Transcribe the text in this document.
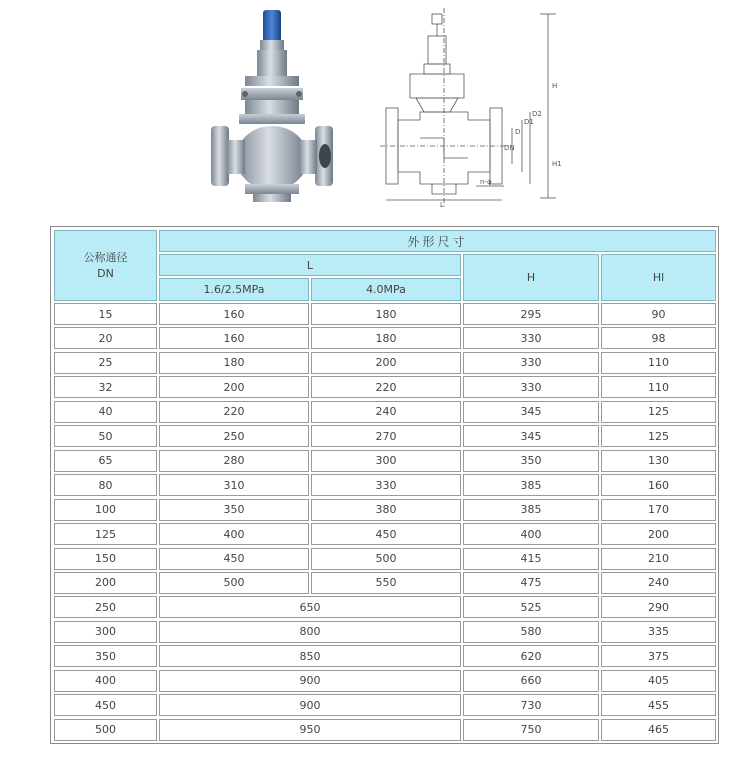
H
L
DN
D
D1
D2
H1
n-φ
公称通径
DN
外形尺寸
L
H	Hl
1.6/2.5MPa	4.0MPa
15	160	180	295	90
20	160	180	330	98
25	180	200	330	110
32	200	220	330	110
40	220	240	345	125
50	250	270	345	125
65	280	300	350	130
80	310	330	385	160
100	350	380	385	170
125	400	450	400	200
150	450	500	415	210
200	500	550	475	240
250	650	525	290
300	800	580	335
350	850	620	375
400	900	660	405
450	900	730	455
500	950	750	465
